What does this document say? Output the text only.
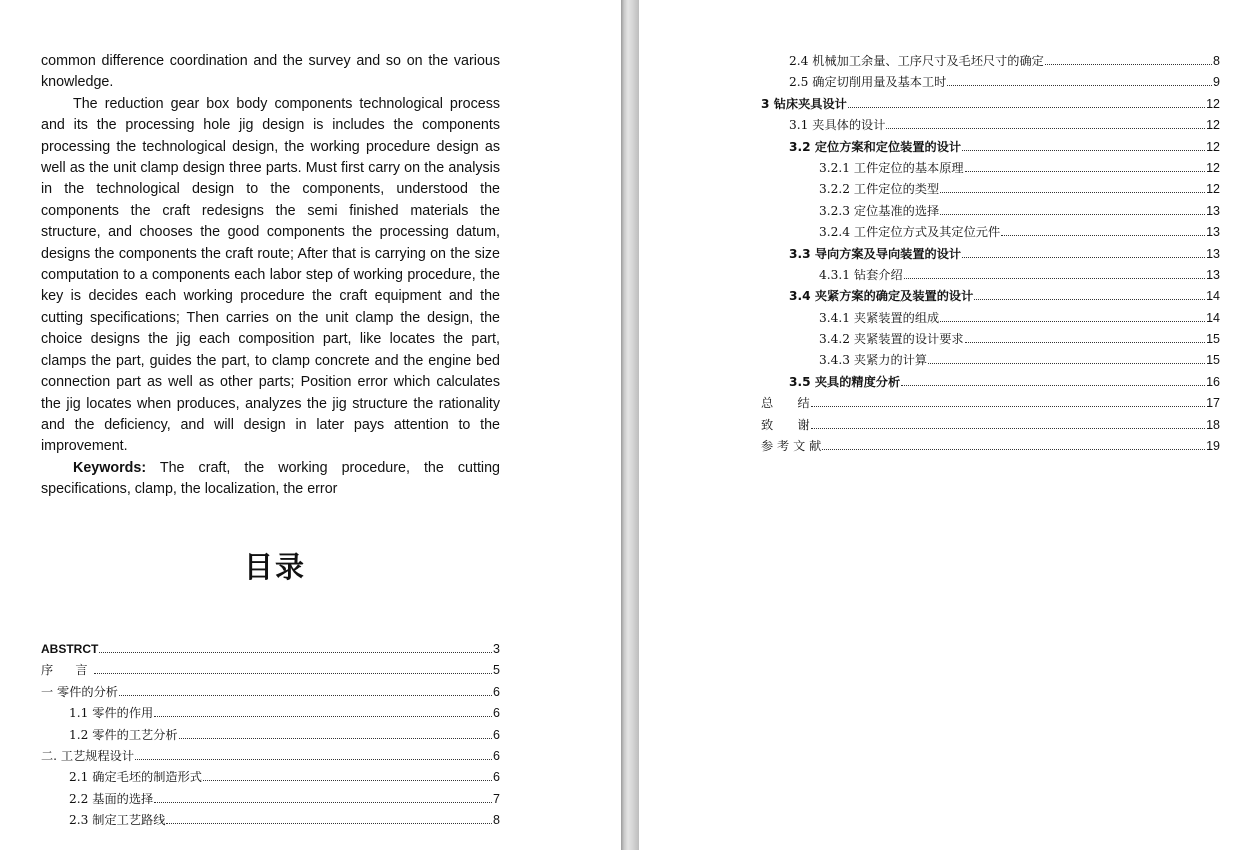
common difference coordination and the survey and so on the various knowledge.

The reduction gear box body components technological process and its the processing hole jig design is includes the components processing the technological design, the working procedure design as well as the unit clamp design three parts. Must first carry on the analysis in the technological design to the components, understood the components the craft redesigns the semi finished materials the structure, and chooses the good components the processing datum, designs the components the craft route; After that is carrying on the size computation to a components each labor step of working procedure, the key is decides each working procedure the craft equipment and the cutting specifications; Then carries on the unit clamp the design, the choice designs the jig each composition part, like locates the part, clamps the part, guides the part, to clamp concrete and the engine bed connection part as well as other parts; Position error which calculates the jig locates when produces, analyzes the jig structure the rationality and the deficiency, and will design in later pays attention to the improvement.

Keywords: The craft, the working procedure, the cutting specifications, clamp, the localization, the error

目录
ABSTRCT	3
序　言	5
一 零件的分析	6
1.1 零件的作用	6
1.2 零件的工艺分析	6
二. 工艺规程设计	6
2.1 确定毛坯的制造形式	6
2.2 基面的选择	7
2.3 制定工艺路线	8
2.4 机械加工余量、工序尺寸及毛坯尺寸的确定	8
2.5 确定切削用量及基本工时	9
3 钻床夹具设计	12
3.1 夹具体的设计	12
3.2 定位方案和定位装置的设计	12
3.2.1 工件定位的基本原理	12
3.2.2 工件定位的类型	12
3.2.3 定位基准的选择	13
3.2.4 工件定位方式及其定位元件	13
3.3 导向方案及导向装置的设计	13
4.3.1 钻套介绍	13
3.4 夹紧方案的确定及装置的设计	14
3.4.1 夹紧装置的组成	14
3.4.2 夹紧装置的设计要求	15
3.4.3 夹紧力的计算	15
3.5 夹具的精度分析	16
总　　结	17
致　　谢	18
参 考 文 献	19
